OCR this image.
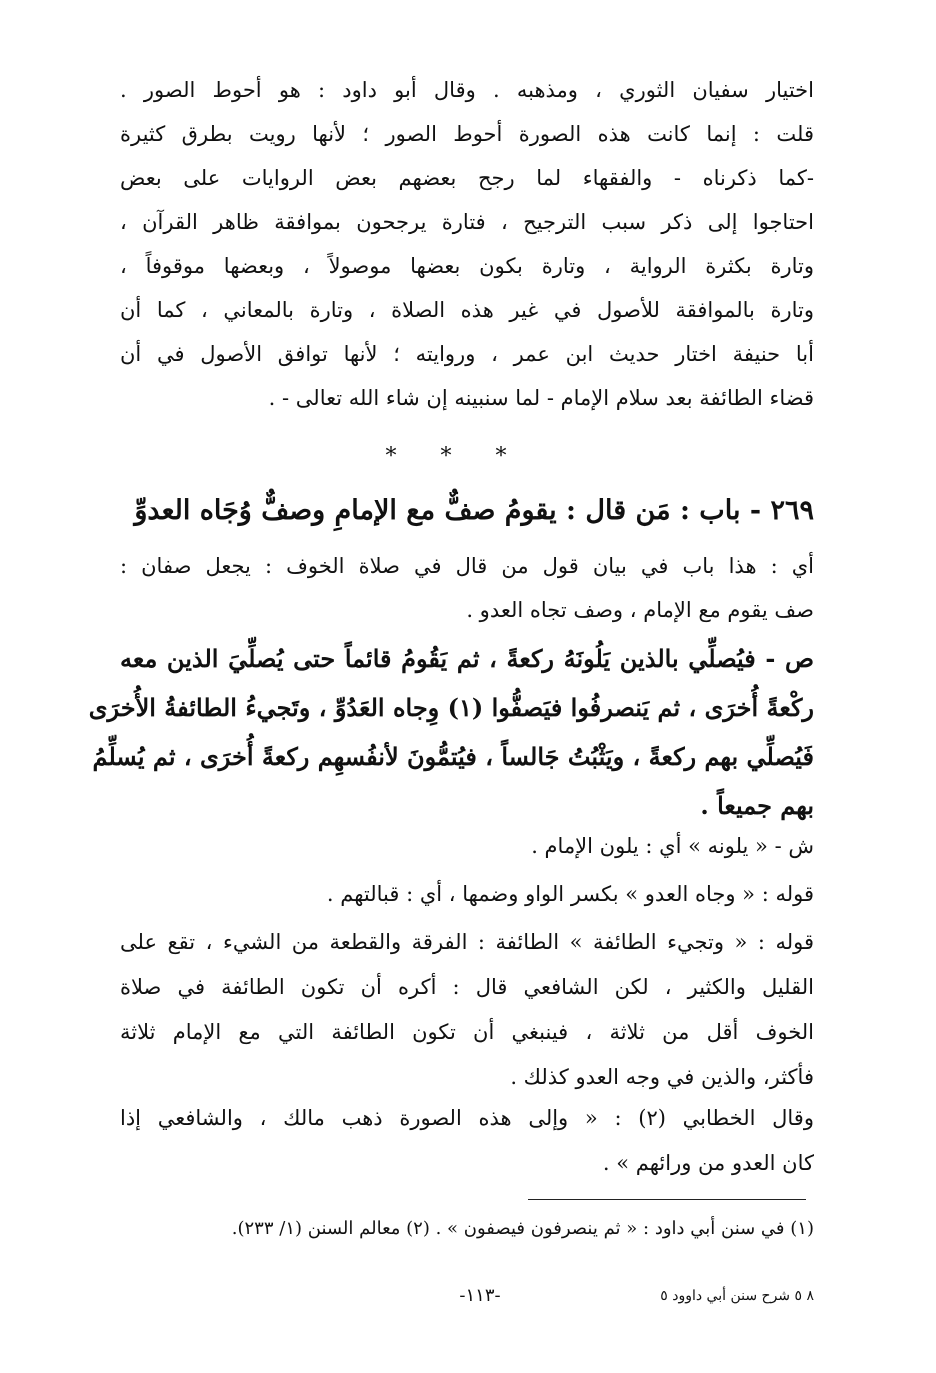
اختيار سفيان الثوري ، ومذهبه . وقال أبو داود : هو أحوط الصور .
قلت : إنما كانت هذه الصورة أحوط الصور ؛ لأنها رويت بطرق كثيرة
-كما ذكرناه - والفقهاء لما رجح بعضهم بعض الروايات على بعض
احتاجوا إلى ذكر سبب الترجيح ، فتارة يرجحون بموافقة ظاهر القرآن ،
وتارة بكثرة الرواية ، وتارة بكون بعضها موصولاً ، وبعضها موقوفاً ،
وتارة بالموافقة للأصول في غير هذه الصلاة ، وتارة بالمعاني ، كما أن
أبا حنيفة اختار حديث ابن عمر ، وروايته ؛ لأنها توافق الأصول في أن
قضاء الطائفة بعد سلام الإمام - لما سنبينه إن شاء الله تعالى - .
***
٢٦٩ - باب : مَن قال : يقومُ صفٌّ مع الإمامِ وصفٌّ وُجَاه العدوِّ
أي : هذا باب في بيان قول من قال في صلاة الخوف : يجعل صفان :
صف يقوم مع الإمام ، وصف تجاه العدو .
ص - فيُصلِّي بالذين يَلُونَهُ ركعةً ، ثم يَقُومُ قائماً حتى يُصلِّيَ الذين معه
ركْعةً أُخرَى ، ثم يَنصرفُوا فيَصفُّوا (١) وِجاه العَدُوِّ ، وتَجيءُ الطائفةُ الأُخرَى
فَيُصلِّي بهم ركعةً ، ويَثْبُتُ جَالساً ، فيُتمُّونَ لأنفُسهِم ركعةً أُخرَى ، ثم يُسلِّمُ
بهم جميعاً .
ش - « يلونه » أي : يلون الإمام .
قوله : « وجاه العدو » بكسر الواو وضمها ، أي : قبالتهم .
قوله : « وتجيء الطائفة » الطائفة : الفرقة والقطعة من الشيء ، تقع على
القليل والكثير ، لكن الشافعي قال : أكره أن تكون الطائفة في صلاة
الخوف أقل من ثلاثة ، فينبغي أن تكون الطائفة التي مع الإمام ثلاثة
فأكثر، والذين في وجه العدو كذلك .
وقال الخطابي (٢) : « وإلى هذه الصورة ذهب مالك ، والشافعي إذا
كان العدو من ورائهم » .
(١) في سنن أبي داود : « ثم ينصرفون فيصفون » . (٢) معالم السنن (١/ ٢٣٣).
-١١٣-	٨ ٥ شرح سنن أبي داوود ٥
